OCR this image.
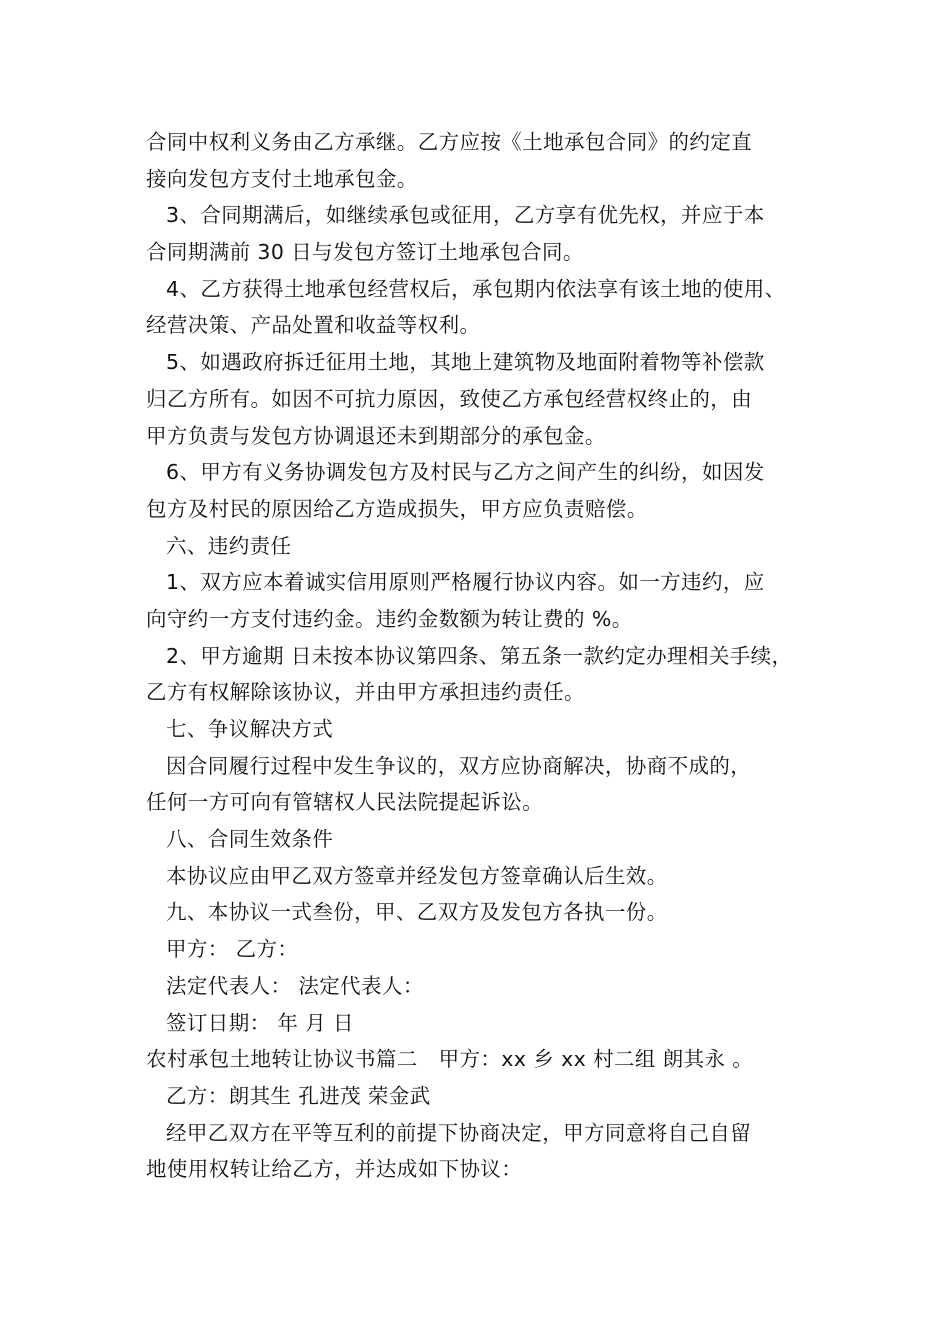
合同中权利义务由乙方承继。乙方应按《土地承包合同》的约定直
接向发包方支付土地承包金。
3、合同期满后，如继续承包或征用，乙方享有优先权，并应于本
合同期满前 30 日与发包方签订土地承包合同。
4、乙方获得土地承包经营权后，承包期内依法享有该土地的使用、
经营决策、产品处置和收益等权利。
5、如遇政府拆迁征用土地，其地上建筑物及地面附着物等补偿款
归乙方所有。如因不可抗力原因，致使乙方承包经营权终止的，由
甲方负责与发包方协调退还未到期部分的承包金。
6、甲方有义务协调发包方及村民与乙方之间产生的纠纷，如因发
包方及村民的原因给乙方造成损失，甲方应负责赔偿。
六、违约责任
1、双方应本着诚实信用原则严格履行协议内容。如一方违约，应
向守约一方支付违约金。违约金数额为转让费的 %。
2、甲方逾期 日未按本协议第四条、第五条一款约定办理相关手续，
乙方有权解除该协议，并由甲方承担违约责任。
七、争议解决方式
因合同履行过程中发生争议的，双方应协商解决，协商不成的，
任何一方可向有管辖权人民法院提起诉讼。
八、合同生效条件
本协议应由甲乙双方签章并经发包方签章确认后生效。
九、本协议一式叁份，甲、乙双方及发包方各执一份。
甲方： 乙方：
法定代表人： 法定代表人：
签订日期： 年 月 日
农村承包土地转让协议书篇二　甲方：xx 乡 xx 村二组 朗其永 。
乙方：朗其生 孔进茂 荣金武
经甲乙双方在平等互利的前提下协商决定，甲方同意将自己自留
地使用权转让给乙方，并达成如下协议：
